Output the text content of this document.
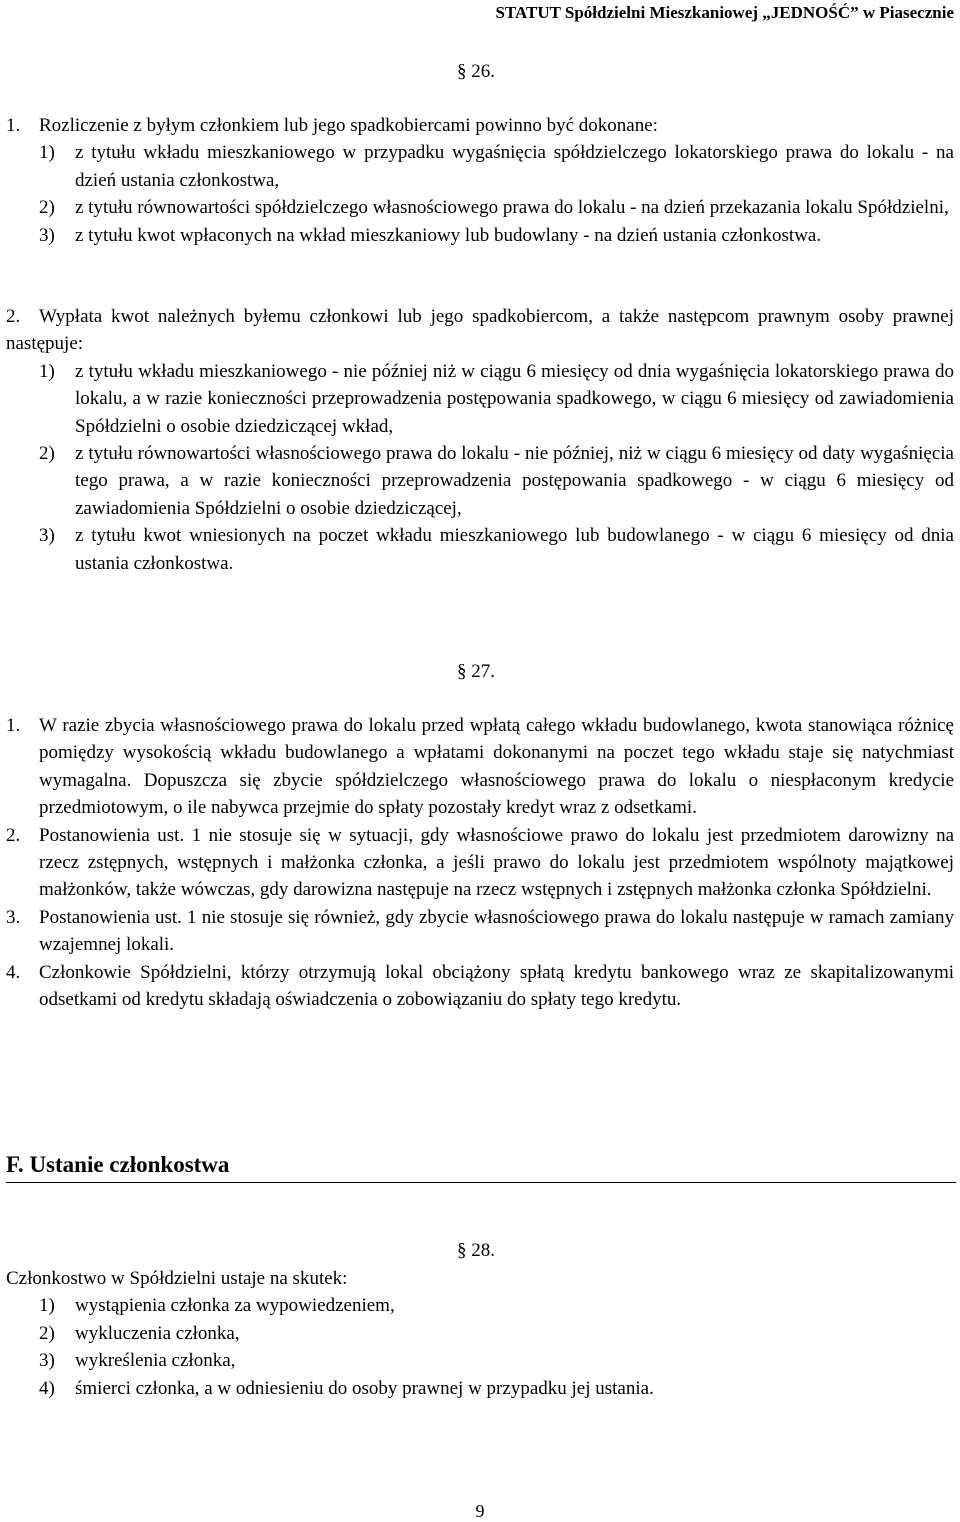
STATUT Spółdzielni Mieszkaniowej „JEDNOŚĆ” w Piasecznie
§ 26.
1. Rozliczenie z byłym członkiem lub jego spadkobiercami powinno być dokonane:
1)	z tytułu wkładu mieszkaniowego w przypadku wygaśnięcia spółdzielczego lokatorskiego prawa do lokalu - na dzień ustania członkostwa,
2)	z tytułu równowartości spółdzielczego własnościowego prawa do lokalu - na dzień przekazania lokalu Spółdzielni,
3)	z tytułu kwot wpłaconych na wkład mieszkaniowy lub budowlany - na dzień ustania członkostwa.
2. Wypłata kwot należnych byłemu członkowi lub jego spadkobiercom, a także następcom prawnym osoby prawnej następuje:
1)	z tytułu wkładu mieszkaniowego - nie później niż w ciągu 6 miesięcy od dnia wygaśnięcia lokatorskiego prawa do lokalu, a w razie konieczności przeprowadzenia postępowania spadkowego, w ciągu 6 miesięcy od zawiadomienia Spółdzielni o osobie dziedziczącej wkład,
2)	z tytułu równowartości własnościowego prawa do lokalu - nie później, niż w ciągu 6 miesięcy od daty wygaśnięcia tego prawa, a w razie konieczności przeprowadzenia postępowania spadkowego - w ciągu 6 miesięcy od zawiadomienia Spółdzielni o osobie dziedziczącej,
3)	z tytułu kwot wniesionych na poczet wkładu mieszkaniowego lub budowlanego - w ciągu 6 miesięcy od dnia ustania członkostwa.
§ 27.
1. W razie zbycia własnościowego prawa do lokalu przed wpłatą całego wkładu budowlanego, kwota stanowiąca różnicę pomiędzy wysokością wkładu budowlanego a wpłatami dokonanymi na poczet tego wkładu staje się natychmiast wymagalna. Dopuszcza się zbycie spółdzielczego własnościowego prawa do lokalu o niespłaconym kredycie przedmiotowym, o ile nabywca przejmie do spłaty pozostały kredyt wraz z odsetkami.
2. Postanowienia ust. 1 nie stosuje się w sytuacji, gdy własnościowe prawo do lokalu jest przedmiotem darowizny na rzecz zstępnych, wstępnych i małżonka członka, a jeśli prawo do lokalu jest przedmiotem wspólnoty majątkowej małżonków, także wówczas, gdy darowizna następuje na rzecz wstępnych i zstępnych małżonka członka Spółdzielni.
3. Postanowienia ust. 1 nie stosuje się również, gdy zbycie własnościowego prawa do lokalu następuje w ramach zamiany wzajemnej lokali.
4. Członkowie Spółdzielni, którzy otrzymują lokal obciążony spłatą kredytu bankowego wraz ze skapitalizowanymi odsetkami od kredytu składają oświadczenia o zobowiązaniu do spłaty tego kredytu.
F. Ustanie członkostwa
§ 28.
Członkostwo w Spółdzielni ustaje na skutek:
1)	wystąpienia członka za wypowiedzeniem,
2)	wykluczenia członka,
3)	wykreślenia członka,
4)	śmierci członka, a w odniesieniu do osoby prawnej w przypadku jej ustania.
9
